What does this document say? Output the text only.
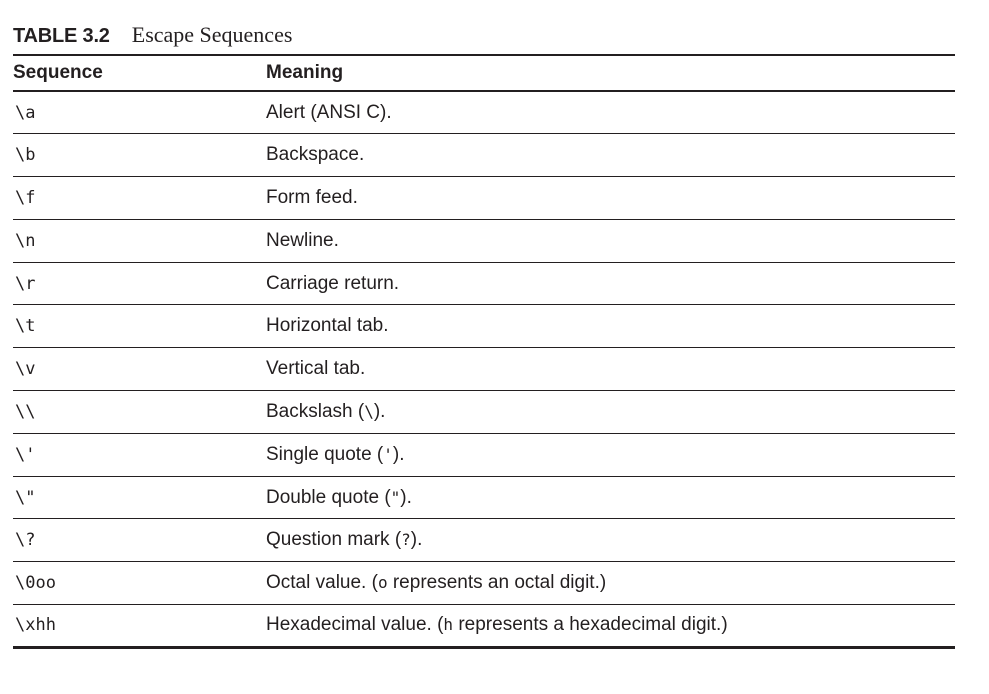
TABLE 3.2 Escape Sequences
Sequence	Meaning
\a	Alert (ANSI C).
\b	Backspace.
\f	Form feed.
\n	Newline.
\r	Carriage return.
\t	Horizontal tab.
\v	Vertical tab.
\\	Backslash (\).
\'	Single quote (').
\"	Double quote (").
\?	Question mark (?).
\0oo	Octal value. (o represents an octal digit.)
\xhh	Hexadecimal value. (h represents a hexadecimal digit.)
